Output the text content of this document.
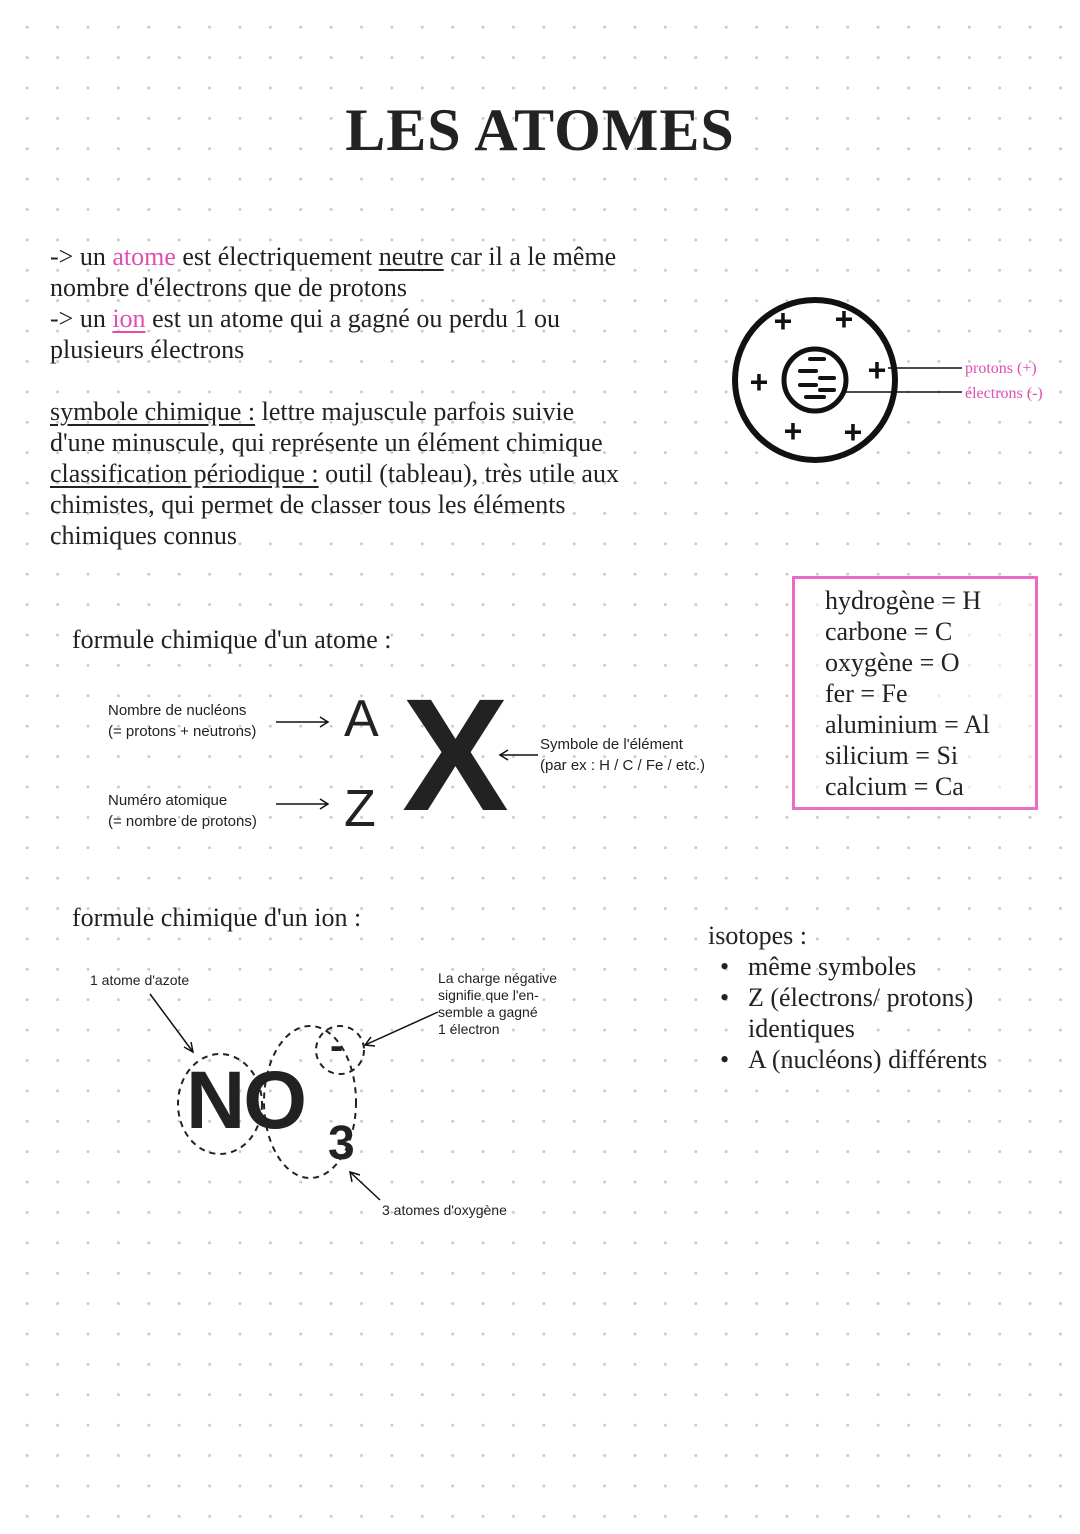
LES ATOMES
-> un atome est électriquement neutre car il a le même
nombre d'électrons que de protons
-> un ion est un atome qui a gagné ou perdu 1 ou
plusieurs électrons
symbole chimique : lettre majuscule parfois suivie
d'une minuscule, qui représente un élément chimique
classification périodique : outil (tableau), très utile aux
chimistes, qui permet de classer tous les éléments
chimiques connus
+ +
+
+
+ +
protons (+)
électrons (-)
hydrogène = H
carbone = C
oxygène = O
fer = Fe
aluminium = Al
silicium = Si
calcium = Ca
formule chimique d'un atome :
Nombre de nucléons
(= protons + neutrons)
Numéro atomique
(= nombre de protons)
Symbole de l'élément
(par ex : H / C / Fe / etc.)
A
Z X
formule chimique d'un ion :
1 atome d'azote	La charge négative
signifie que l'en-
semble a gagné
1 électron
3 atomes d'oxygène
NO 3
-
isotopes :
• même symboles
• Z (électrons/ protons)
identiques
• A (nucléons) différents
